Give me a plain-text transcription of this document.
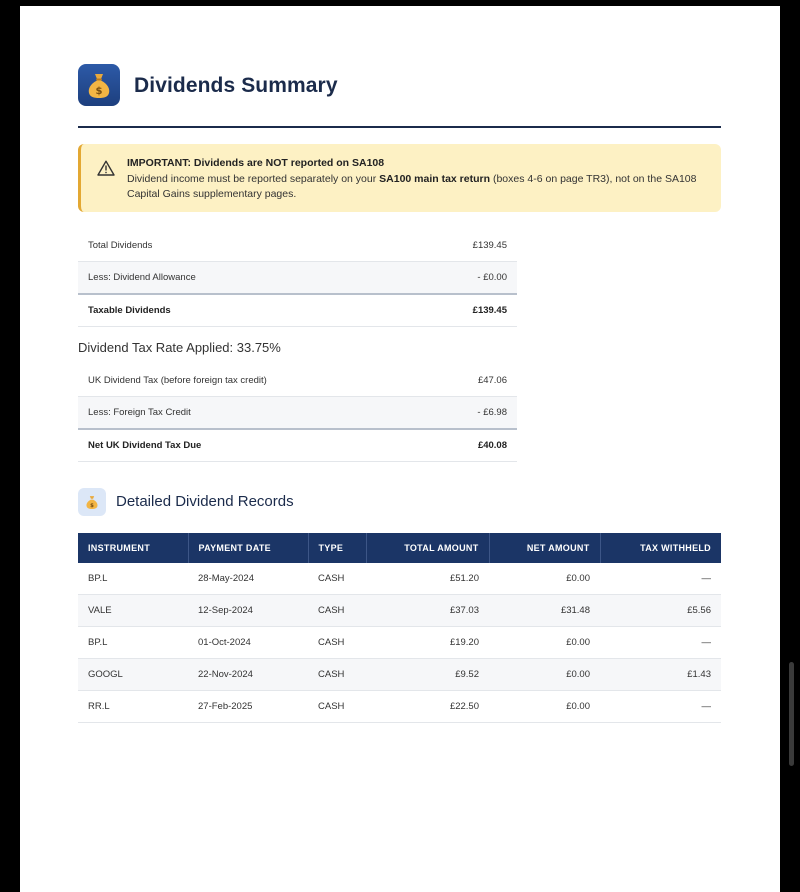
$ Dividends Summary
IMPORTANT: Dividends are NOT reported on SA108
Dividend income must be reported separately on your SA100 main tax return (boxes 4-6 on page TR3), not on the SA108 Capital Gains supplementary pages.
Total Dividends	£139.45
Less: Dividend Allowance	- £0.00
Taxable Dividends	£139.45
Dividend Tax Rate Applied: 33.75%
UK Dividend Tax (before foreign tax credit)	£47.06
Less: Foreign Tax Credit	- £6.98
Net UK Dividend Tax Due	£40.08
$ Detailed Dividend Records
INSTRUMENT	PAYMENT DATE	TYPE	TOTAL AMOUNT	NET AMOUNT	TAX WITHHELD
BP.L	28-May-2024	CASH	£51.20	£0.00	—
VALE	12-Sep-2024	CASH	£37.03	£31.48	£5.56
BP.L	01-Oct-2024	CASH	£19.20	£0.00	—
GOOGL	22-Nov-2024	CASH	£9.52	£0.00	£1.43
RR.L	27-Feb-2025	CASH	£22.50	£0.00	—
